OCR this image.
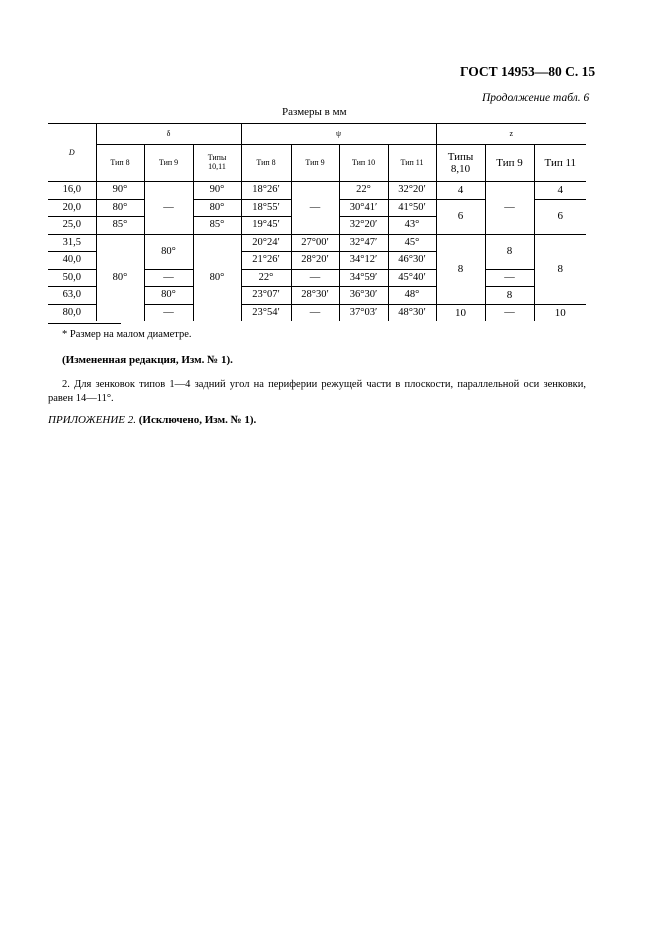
ГОСТ 14953—80 С. 15
Продолжение табл. 6
Размеры в мм
D	δ			ψ				z		
	Тип 8	Тип 9	Типы 10,11	Тип 8	Тип 9	Тип 10	Тип 11	Типы 8,10	Тип 9	Тип 11
16,0	90°	—	90°	18°26′	—	22°	32°20′	4	—	4
20,0	80°		80°	18°55′		30°41′	41°50′	6		6
25,0	85°		85°	19°45′		32°20′	43°			
31,5	80°	80°	80°	20°24′	27°00′	32°47′	45°	8	8	8
40,0				21°26′	28°20′	34°12′	46°30′			
50,0		—		22°	—	34°59′	45°40′		—	
63,0		80°		23°07′	28°30′	36°30′	48°		8	
80,0		—		23°54′	—	37°03′	48°30′	10	—	10
* Размер на малом диаметре.
(Измененная редакция, Изм. № 1).
2. Для зенковок типов 1—4 задний угол на периферии режущей части в плоскости, параллельной оси зенковки, равен 14—11°.
ПРИЛОЖЕНИЕ 2. (Исключено, Изм. № 1).
